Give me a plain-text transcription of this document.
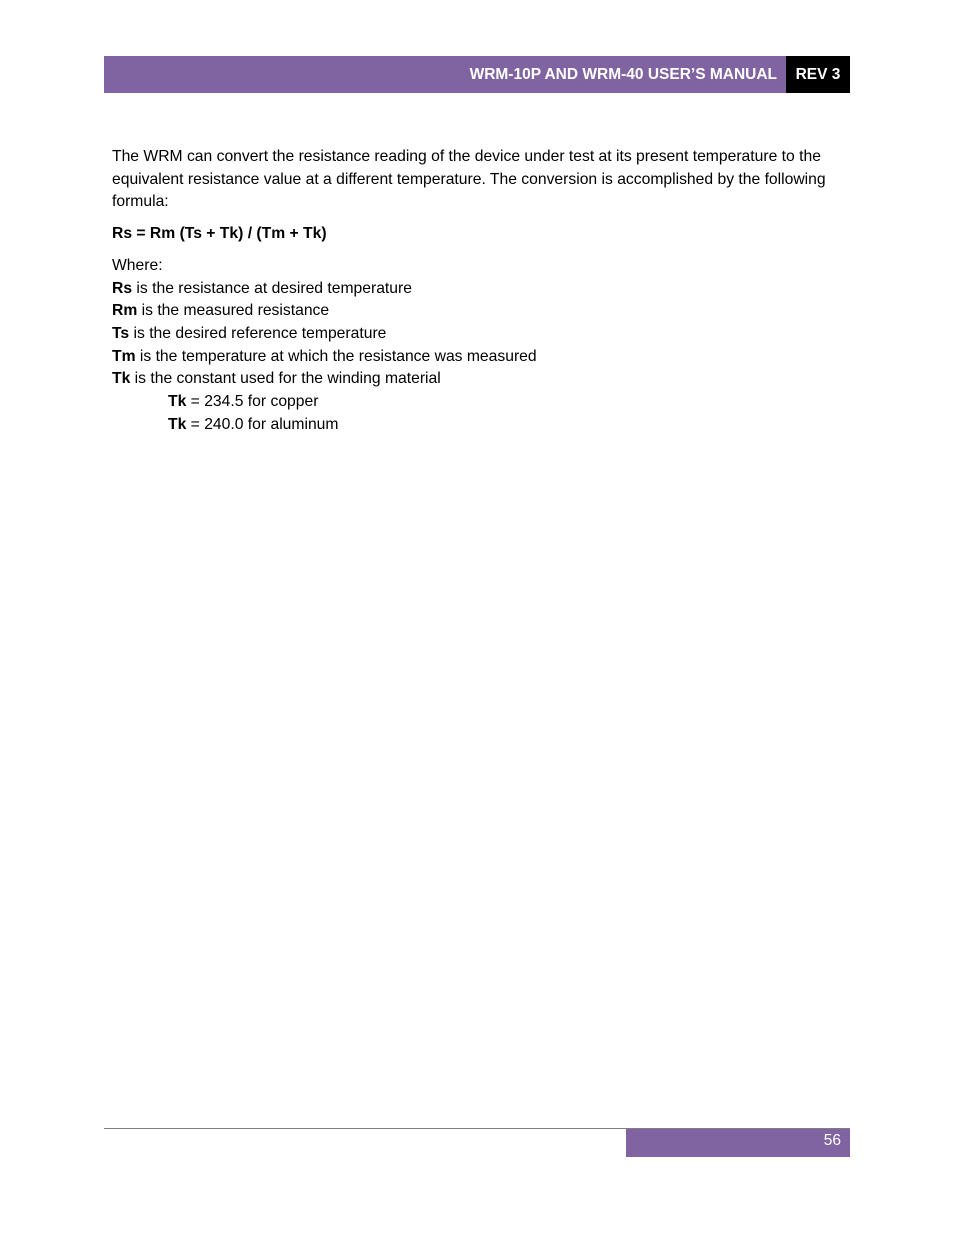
WRM-10P AND WRM-40 USER’S MANUAL	REV 3

The WRM can convert the resistance reading of the device under test at its present temperature to the equivalent resistance value at a different temperature. The conversion is accomplished by the following formula:

Rs = Rm (Ts + Tk) / (Tm + Tk)

Where:

Rs is the resistance at desired temperature

Rm is the measured resistance

Ts is the desired reference temperature

Tm is the temperature at which the resistance was measured

Tk is the constant used for the winding material

Tk = 234.5 for copper

Tk = 240.0 for aluminum

56
